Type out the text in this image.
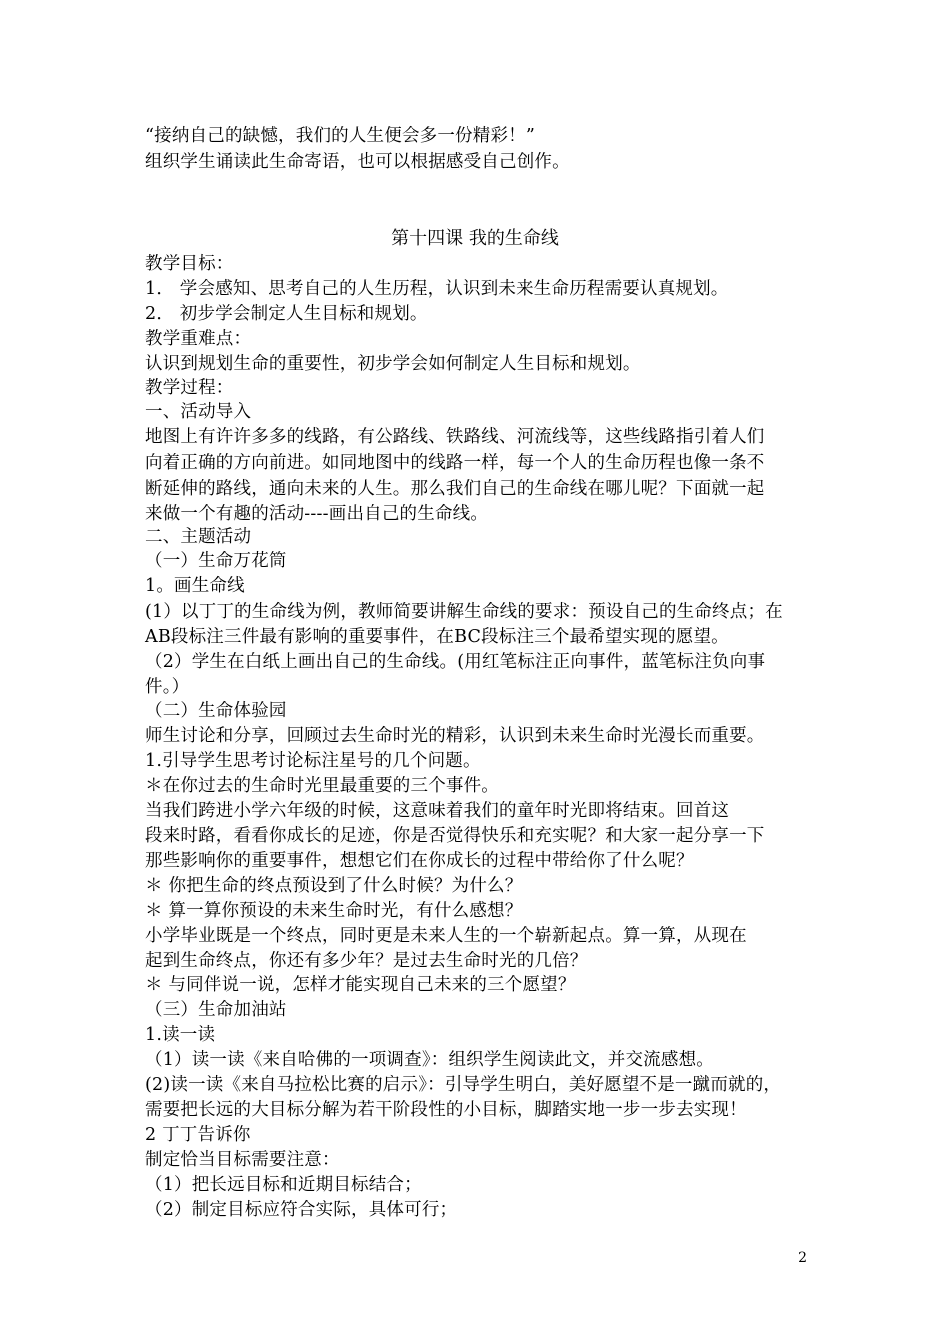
“接纳自己的缺憾，我们的人生便会多一份精彩！”
组织学生诵读此生命寄语，也可以根据感受自己创作。
第十四课 我的生命线
教学目标：
1． 学会感知、思考自己的人生历程，认识到未来生命历程需要认真规划。
2． 初步学会制定人生目标和规划。
教学重难点：
认识到规划生命的重要性，初步学会如何制定人生目标和规划。
教学过程：
一、活动导入
地图上有许许多多的线路，有公路线、铁路线、河流线等，这些线路指引着人们
向着正确的方向前进。如同地图中的线路一样，每一个人的生命历程也像一条不
断延伸的路线，通向未来的人生。那么我们自己的生命线在哪儿呢？下面就一起
来做一个有趣的活动----画出自己的生命线。
二、主题活动
（一）生命万花筒
1。画生命线
(1）以丁丁的生命线为例，教师简要讲解生命线的要求：预设自己的生命终点；在
AB段标注三件最有影响的重要事件，在BC段标注三个最希望实现的愿望。
（2）学生在白纸上画出自己的生命线。(用红笔标注正向事件，蓝笔标注负向事
件。）
（二）生命体验园
师生讨论和分享，回顾过去生命时光的精彩，认识到未来生命时光漫长而重要。
1.引导学生思考讨论标注星号的几个问题。
＊在你过去的生命时光里最重要的三个事件。
当我们跨进小学六年级的时候，这意味着我们的童年时光即将结束。回首这
段来时路，看看你成长的足迹，你是否觉得快乐和充实呢？和大家一起分享一下
那些影响你的重要事件，想想它们在你成长的过程中带给你了什么呢？
＊ 你把生命的终点预设到了什么时候？为什么？
＊ 算一算你预设的未来生命时光，有什么感想？
小学毕业既是一个终点，同时更是未来人生的一个崭新起点。算一算，从现在
起到生命终点，你还有多少年？是过去生命时光的几倍？
＊ 与同伴说一说，怎样才能实现自己未来的三个愿望？
（三）生命加油站
1.读一读
（1）读一读《来自哈佛的一项调查》：组织学生阅读此文，并交流感想。
(2)读一读《来自马拉松比赛的启示》：引导学生明白，美好愿望不是一蹴而就的，
需要把长远的大目标分解为若干阶段性的小目标，脚踏实地一步一步去实现！
2 丁丁告诉你
制定恰当目标需要注意：
（1）把长远目标和近期目标结合；
（2）制定目标应符合实际，具体可行；
2
